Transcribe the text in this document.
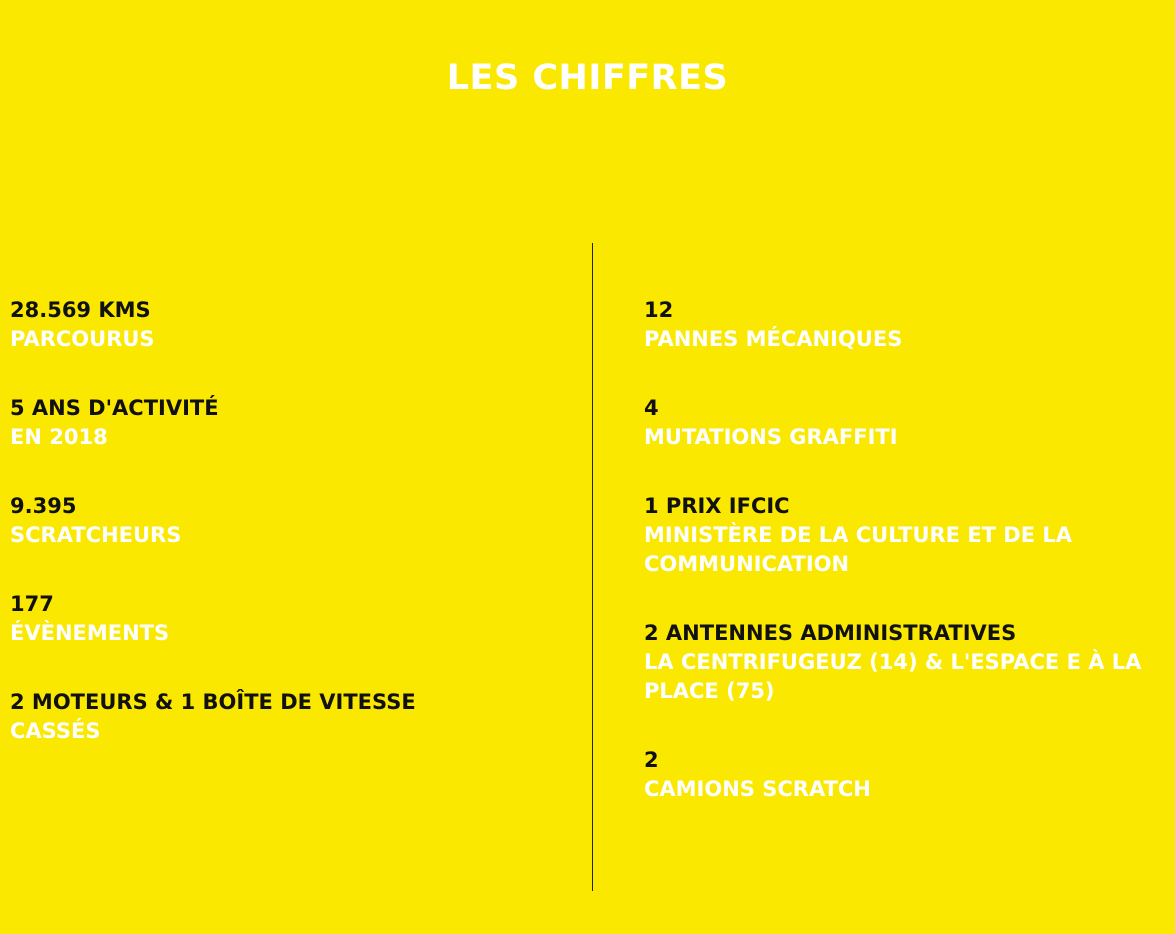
LES CHIFFRES
28.569 KMS
PARCOURUS
5 ANS D'ACTIVITÉ
EN 2018
9.395
SCRATCHEURS
177
ÉVÈNEMENTS
2 MOTEURS & 1 BOÎTE DE VITESSE
CASSÉS
12
PANNES MÉCANIQUES
4
MUTATIONS GRAFFITI
1 PRIX IFCIC
MINISTÈRE DE LA CULTURE ET DE LA COMMUNICATION
2 ANTENNES ADMINISTRATIVES
LA CENTRIFUGEUZ (14) & L'ESPACE E À LA PLACE (75)
2
CAMIONS SCRATCH
